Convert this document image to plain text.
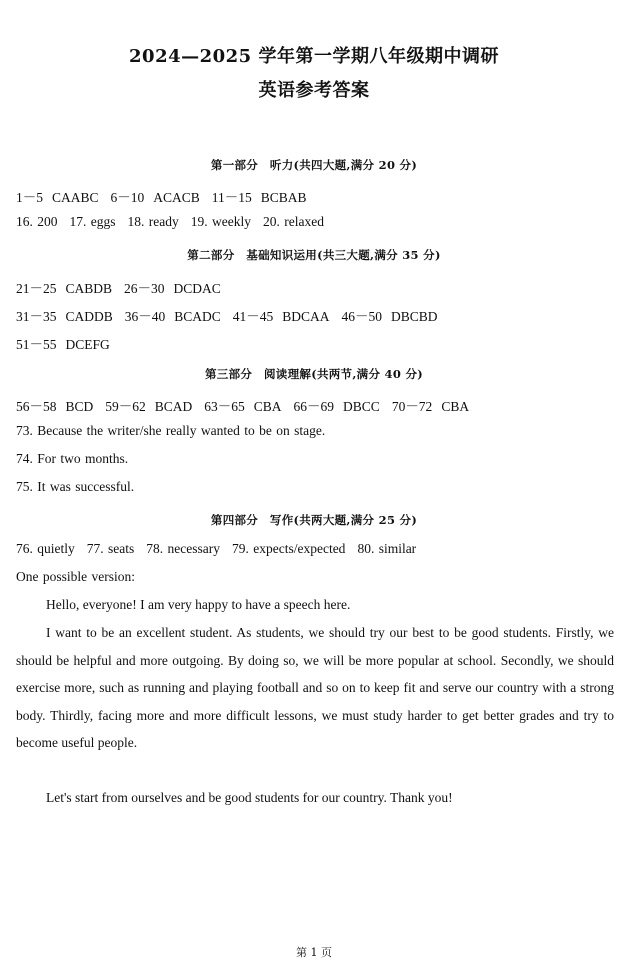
2024—2025 学年第一学期八年级期中调研
英语参考答案
第一部分　听力(共四大题,满分 20 分)
1－5 CAABC 6－10 ACACB 11－15 BCBAB
16. 200 17. eggs 18. ready 19. weekly 20. relaxed
第二部分　基础知识运用(共三大题,满分 35 分)
21－25 CABDB 26－30 DCDAC
31－35 CADDB 36－40 BCADC 41－45 BDCAA 46－50 DBCBD
51－55 DCEFG
第三部分　阅读理解(共两节,满分 40 分)
56－58 BCD 59－62 BCAD 63－65 CBA 66－69 DBCC 70－72 CBA
73. Because the writer/she really wanted to be on stage.
74. For two months.
75. It was successful.
第四部分　写作(共两大题,满分 25 分)
76. quietly 77. seats 78. necessary 79. expects/expected 80. similar
One possible version:
Hello, everyone! I am very happy to have a speech here.
I want to be an excellent student. As students, we should try our best to be good students. Firstly, we should be helpful and more outgoing. By doing so, we will be more popular at school. Secondly, we should exercise more, such as running and playing football and so on to keep fit and serve our country with a strong body. Thirdly, facing more and more difficult lessons, we must study harder to get better grades and try to become useful people.
Let's start from ourselves and be good students for our country. Thank you!
第 1 页
